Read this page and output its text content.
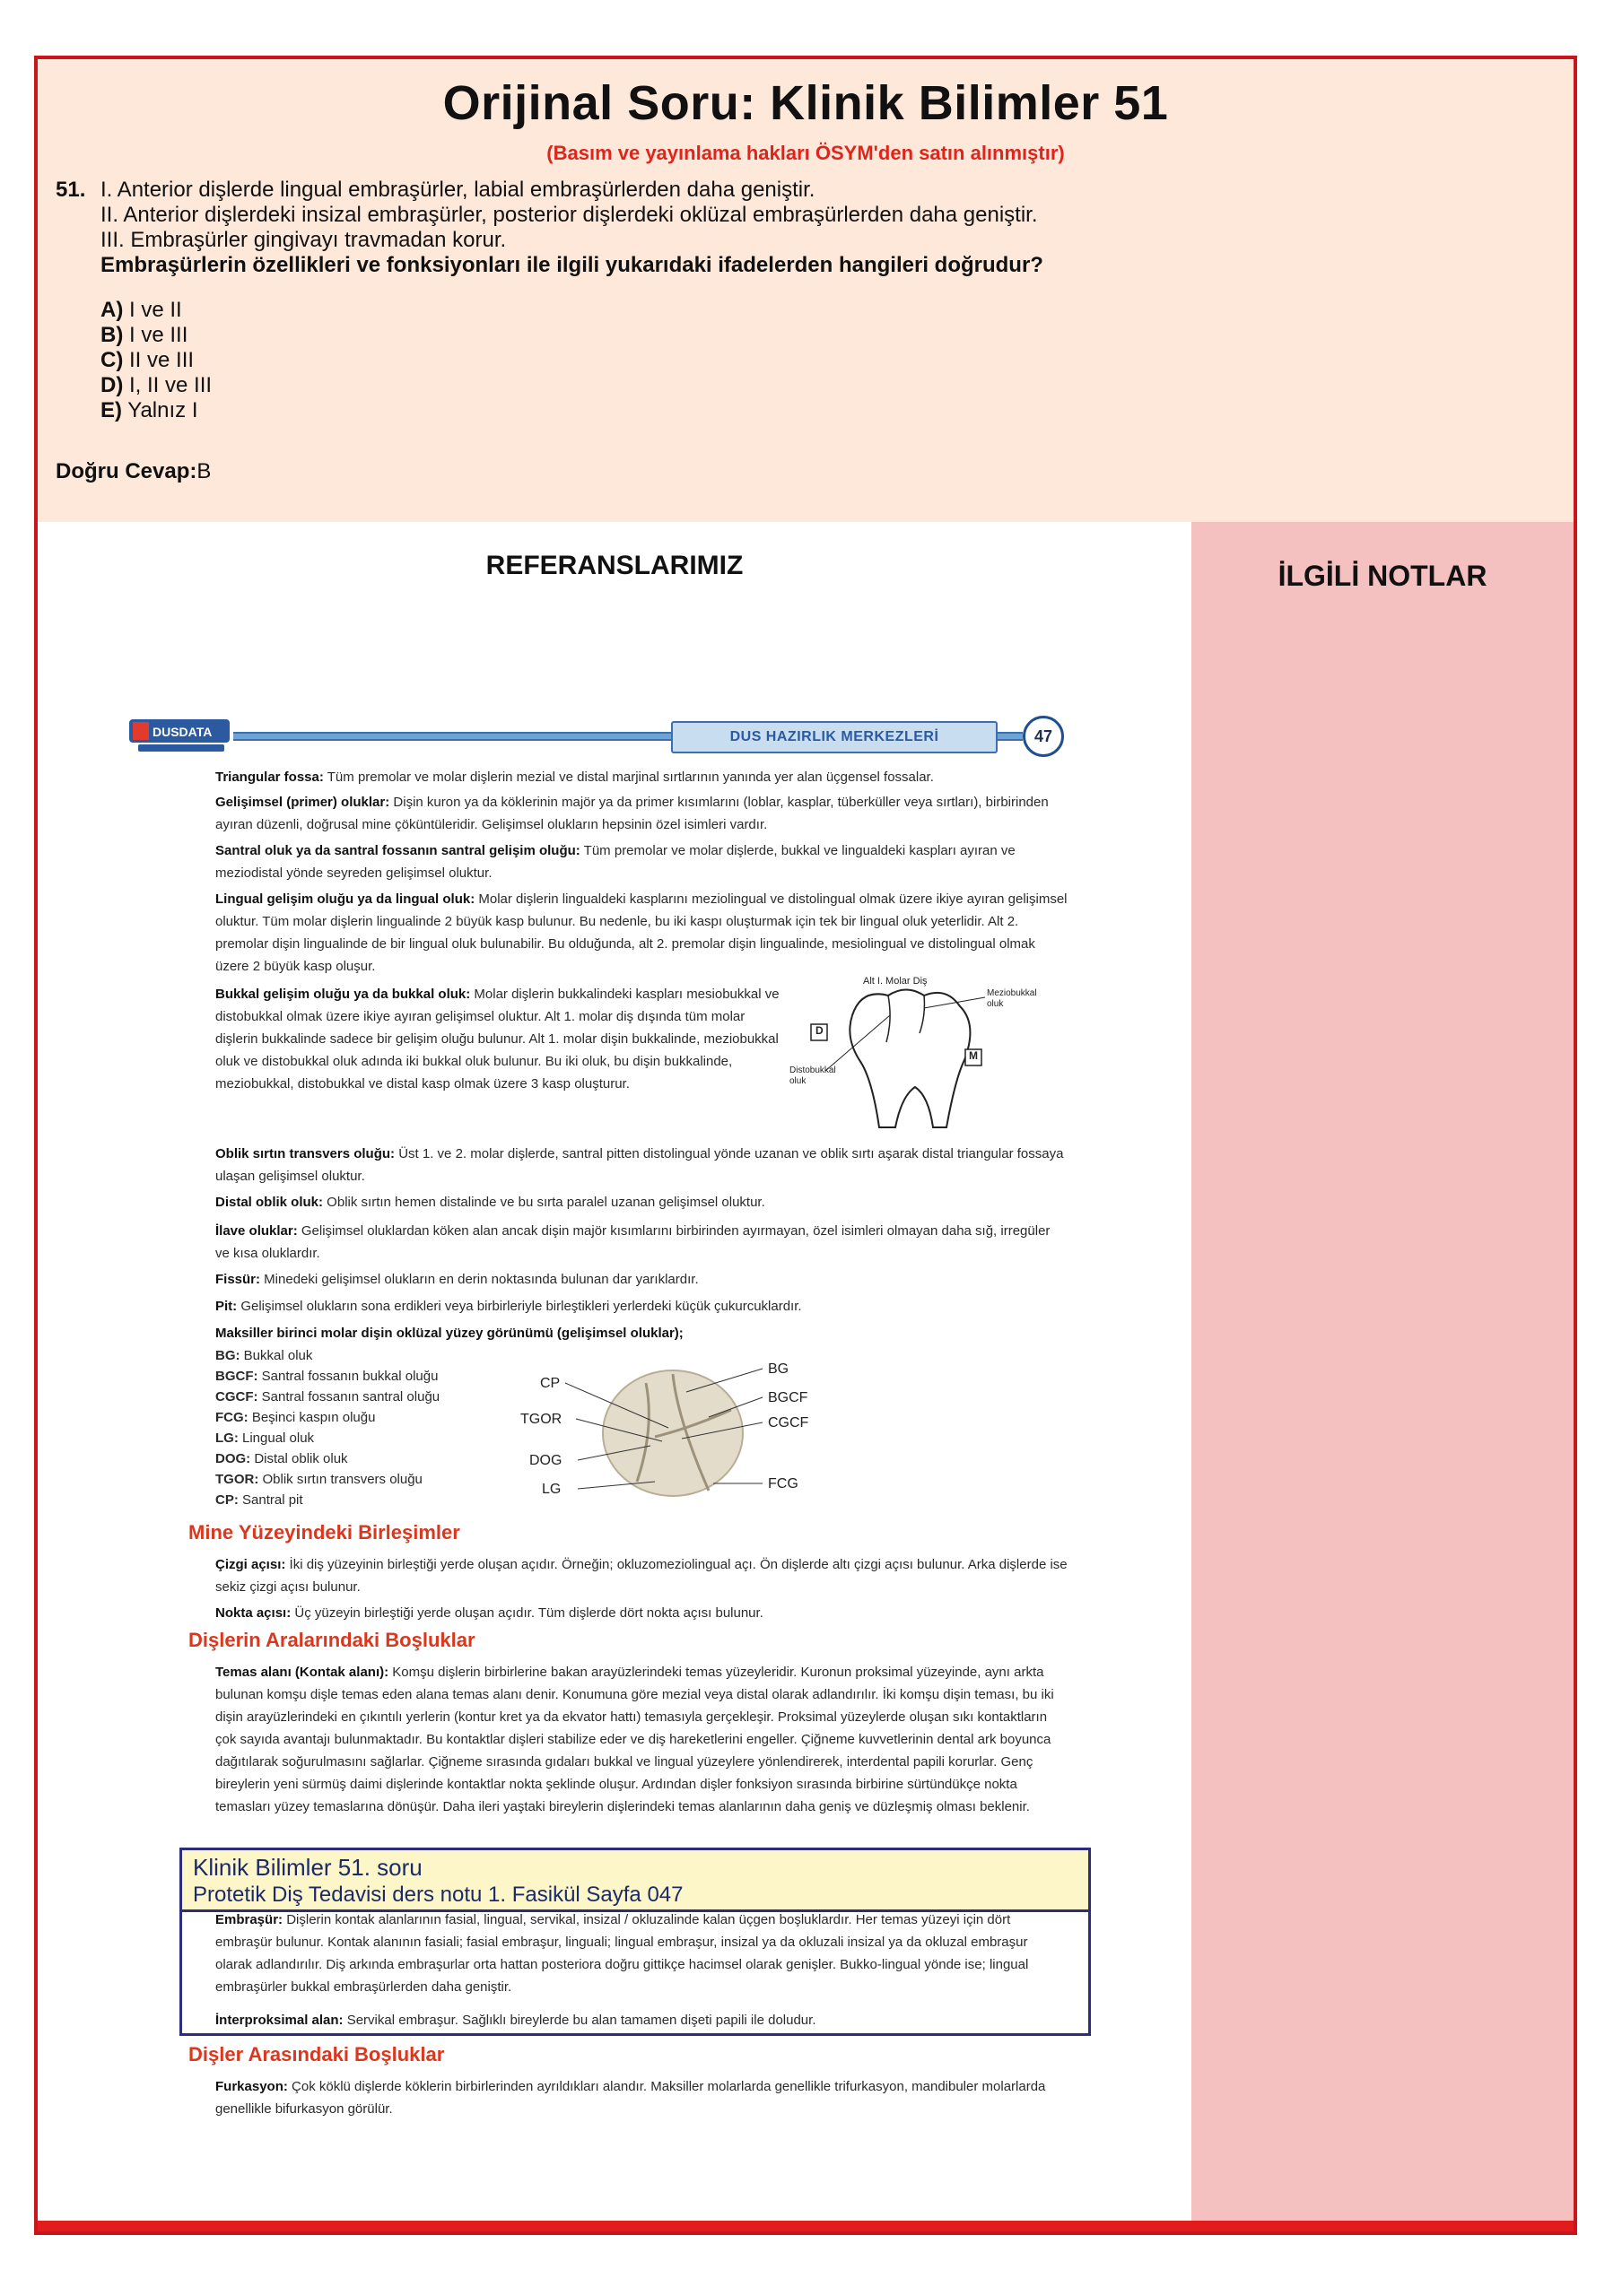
Orijinal Soru: Klinik Bilimler 51
(Basım ve yayınlama hakları ÖSYM'den satın alınmıştır)
51. I. Anterior dişlerde lingual embraşürler, labial embraşürlerden daha geniştir.
II. Anterior dişlerdeki insizal embraşürler, posterior dişlerdeki oklüzal embraşürlerden daha geniştir.
III. Embraşürler gingivayı travmadan korur.
Embraşürlerin özellikleri ve fonksiyonları ile ilgili yukarıdaki ifadelerden hangileri doğrudur?
A) I ve II
B) I ve III
C) II ve III
D) I, II ve III
E) Yalnız I
Doğru Cevap:B
REFERANSLARIMIZ	İLGİLİ NOTLAR
DUSDATA	DUS HAZIRLIK MERKEZLERİ	47
Triangular fossa: Tüm premolar ve molar dişlerin mezial ve distal marjinal sırtlarının yanında yer alan üçgensel fossalar.
Gelişimsel (primer) oluklar: Dişin kuron ya da köklerinin majör ya da primer kısımlarını (loblar, kasplar, tüberküller veya sırtları), birbirinden ayıran düzenli, doğrusal mine çöküntüleridir. Gelişimsel olukların hepsinin özel isimleri vardır.
Santral oluk ya da santral fossanın santral gelişim oluğu: Tüm premolar ve molar dişlerde, bukkal ve lingualdeki kaspları ayıran ve meziodistal yönde seyreden gelişimsel oluktur.
Lingual gelişim oluğu ya da lingual oluk: Molar dişlerin lingualdeki kasplarını meziolingual ve distolingual olmak üzere ikiye ayıran gelişimsel oluktur. Tüm molar dişlerin lingualinde 2 büyük kasp bulunur. Bu nedenle, bu iki kaspı oluşturmak için tek bir lingual oluk yeterlidir. Alt 2. premolar dişin lingualinde de bir lingual oluk bulunabilir. Bu olduğunda, alt 2. premolar dişin lingualinde, mesiolingual ve distolingual olmak üzere 2 büyük kasp oluşur.
Bukkal gelişim oluğu ya da bukkal oluk: Molar dişlerin bukkalindeki kaspları mesiobukkal ve distobukkal olmak üzere ikiye ayıran gelişimsel oluktur. Alt 1. molar diş dışında tüm molar dişlerin bukkalinde sadece bir gelişim oluğu bulunur. Alt 1. molar dişin bukkalinde, meziobukkal oluk ve distobukkal oluk adında iki bukkal oluk bulunur. Bu iki oluk, bu dişin bukkalinde, meziobukkal, distobukkal ve distal kasp olmak üzere 3 kasp oluşturur.
Alt I. Molar Diş
Meziobukkal oluk
Distobukkal oluk
D
M
Oblik sırtın transvers oluğu: Üst 1. ve 2. molar dişlerde, santral pitten distolingual yönde uzanan ve oblik sırtı aşarak distal triangular fossaya ulaşan gelişimsel oluktur.
Distal oblik oluk: Oblik sırtın hemen distalinde ve bu sırta paralel uzanan gelişimsel oluktur.
İlave oluklar: Gelişimsel oluklardan köken alan ancak dişin majör kısımlarını birbirinden ayırmayan, özel isimleri olmayan daha sığ, irregüler ve kısa oluklardır.
Fissür: Minedeki gelişimsel olukların en derin noktasında bulunan dar yarıklardır.
Pit: Gelişimsel olukların sona erdikleri veya birbirleriyle birleştikleri yerlerdeki küçük çukurcuklardır.
Maksiller birinci molar dişin oklüzal yüzey görünümü (gelişimsel oluklar);
BG: Bukkal oluk
BGCF: Santral fossanın bukkal oluğu
CGCF: Santral fossanın santral oluğu
FCG: Beşinci kaspın oluğu
LG: Lingual oluk
DOG: Distal oblik oluk
TGOR: Oblik sırtın transvers oluğu
CP: Santral pit
CP
TGOR
DOG
LG
BG
BGCF
CGCF
FCG
Mine Yüzeyindeki Birleşimler
Çizgi açısı: İki diş yüzeyinin birleştiği yerde oluşan açıdır. Örneğin; okluzomeziolingual açı. Ön dişlerde altı çizgi açısı bulunur. Arka dişlerde ise sekiz çizgi açısı bulunur.
Nokta açısı: Üç yüzeyin birleştiği yerde oluşan açıdır. Tüm dişlerde dört nokta açısı bulunur.
Dişlerin Aralarındaki Boşluklar
Temas alanı (Kontak alanı): Komşu dişlerin birbirlerine bakan arayüzlerindeki temas yüzeyleridir. Kuronun proksimal yüzeyinde, aynı arkta bulunan komşu dişle temas eden alana temas alanı denir. Konumuna göre mezial veya distal olarak adlandırılır. İki komşu dişin teması, bu iki dişin arayüzlerindeki en çıkıntılı yerlerin (kontur kret ya da ekvator hattı) temasıyla gerçekleşir. Proksimal yüzeylerde oluşan sıkı kontaktların çok sayıda avantajı bulunmaktadır. Bu kontaktlar dişleri stabilize eder ve diş hareketlerini engeller. Çiğneme kuvvetlerinin dental ark boyunca dağıtılarak soğurulmasını sağlarlar. Çiğneme sırasında gıdaları bukkal ve lingual yüzeylere yönlendirerek, interdental papili korurlar. Genç bireylerin yeni sürmüş daimi dişlerinde kontaktlar nokta şeklinde oluşur. Ardından dişler fonksiyon sırasında birbirine sürtündükçe nokta temasları yüzey temaslarına dönüşür. Daha ileri yaştaki bireylerin dişlerindeki temas alanlarının daha geniş ve düzleşmiş olması beklenir.
Embraşür: Dişlerin kontak alanlarının fasial, lingual, servikal, insizal / okluzalinde kalan üçgen boşluklardır. Her temas yüzeyi için dört embraşür bulunur. Kontak alanının fasiali; fasial embraşur, linguali; lingual embraşur, insizal ya da okluzali insizal ya da okluzal embraşur olarak adlandırılır. Diş arkında embraşurlar orta hattan posteriora doğru gittikçe hacimsel olarak genişler. Bukko-lingual yönde ise; lingual embraşürler bukkal embraşürlerden daha geniştir.
İnterproksimal alan: Servikal embraşur. Sağlıklı bireylerde bu alan tamamen dişeti papili ile doludur.
Dişler Arasındaki Boşluklar
Furkasyon: Çok köklü dişlerde köklerin birbirlerinden ayrıldıkları alandır. Maksiller molarlarda genellikle trifurkasyon, mandibuler molarlarda genellikle bifurkasyon görülür.
Klinik Bilimler 51. soru
Protetik Diş Tedavisi ders notu 1. Fasikül Sayfa 047
